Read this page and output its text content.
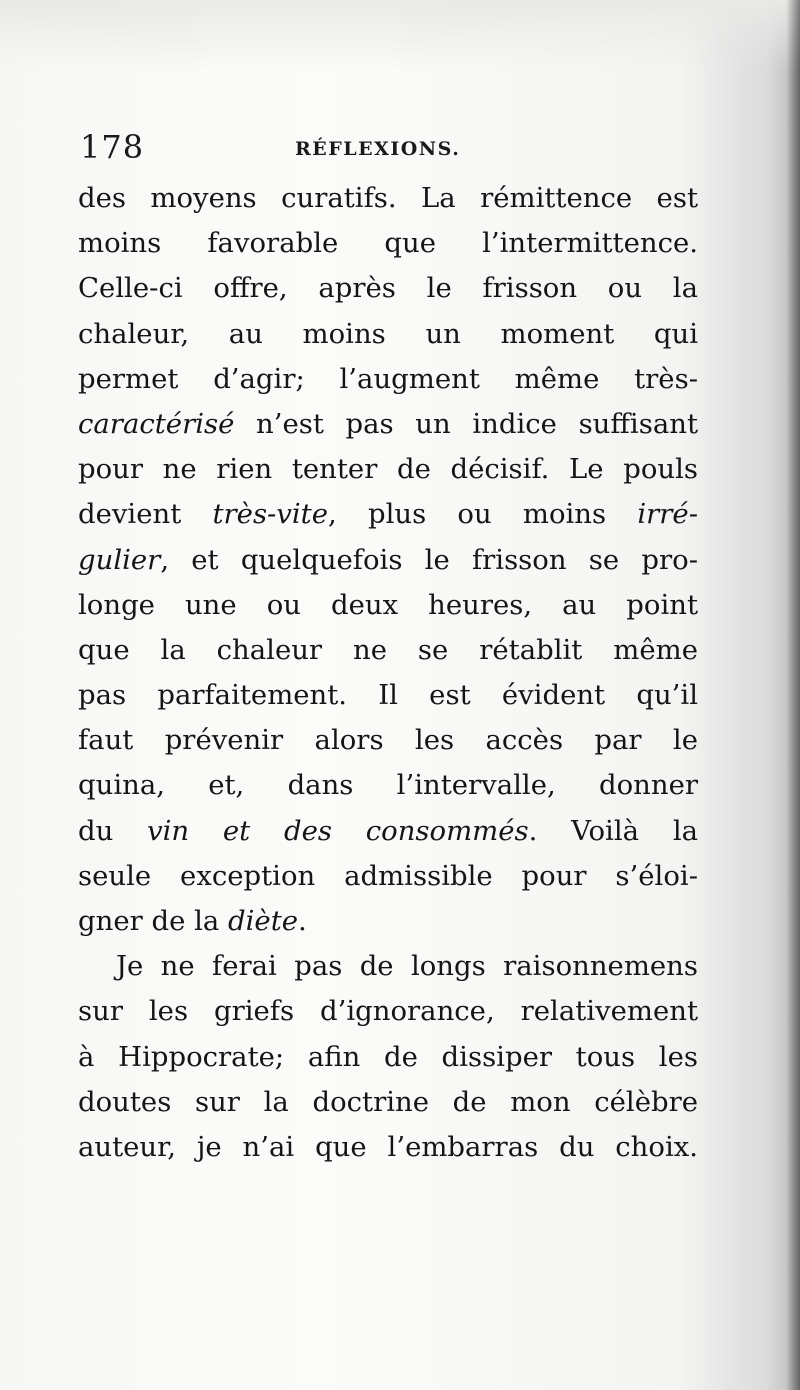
178	RÉFLEXIONS.
des moyens curatifs. La rémittence est
moins favorable que l’intermittence.
Celle-ci offre, après le frisson ou la
chaleur, au moins un moment qui
permet d’agir; l’augment même très-
caractérisé n’est pas un indice suffisant
pour ne rien tenter de décisif. Le pouls
devient très-vite, plus ou moins irré-
gulier, et quelquefois le frisson se pro-
longe une ou deux heures, au point
que la chaleur ne se rétablit même
pas parfaitement. Il est évident qu’il
faut prévenir alors les accès par le
quina, et, dans l’intervalle, donner
du vin et des consommés. Voilà la
seule exception admissible pour s’éloi-
gner de la diète.
Je ne ferai pas de longs raisonnemens
sur les griefs d’ignorance, relativement
à Hippocrate; afin de dissiper tous les
doutes sur la doctrine de mon célèbre
auteur, je n’ai que l’embarras du choix.
